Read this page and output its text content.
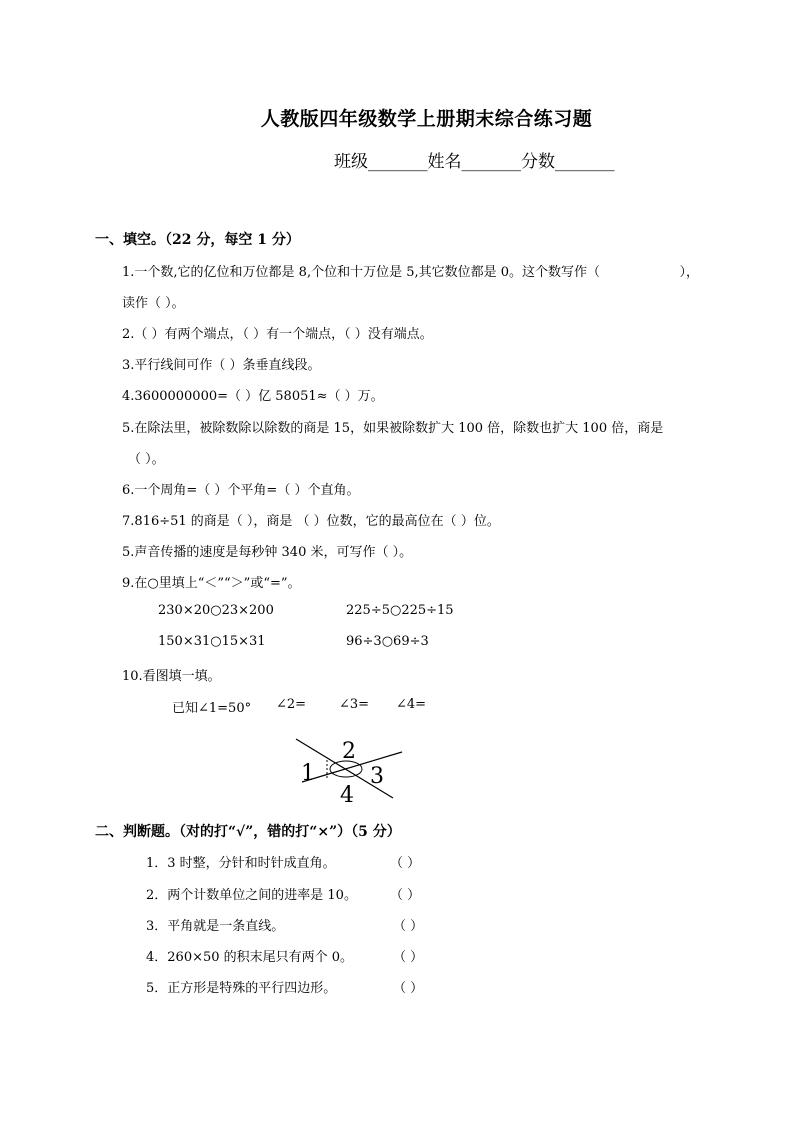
人教版四年级数学上册期末综合练习题
班级_______姓名_______分数_______
一、填空。（22 分，每空 1 分）
1.一个数,它的亿位和万位都是 8,个位和十万位是 5,其它数位都是 0。这个数写作（	），
读作（ ）。
2.（ ）有两个端点，（ ）有一个端点，（ ）没有端点。
3.平行线间可作（ ）条垂直线段。
4.3600000000=（ ）亿 58051≈（ ）万。
5.在除法里，被除数除以除数的商是 15，如果被除数扩大 100 倍，除数也扩大 100 倍，商是
（ ）。
6.一个周角=（ ）个平角=（ ）个直角。
7.816÷51 的商是（ ），商是 （ ）位数，它的最高位在（ ）位。
5.声音传播的速度是每秒钟 340 米，可写作（ ）。
9.在○里填上“＜”“＞”或“=”。
230×20○23×200	225÷5○225÷15
150×31○15×31	96÷3○69÷3
10.看图填一填。
已知∠1=50° ∠2=	∠3= ∠4=
1
2
3
4
二、判断题。（对的打“√”，错的打“×”）（5 分）
1．3 时整，分针和时针成直角。	（ ）
2．两个计数单位之间的进率是 10。	（ ）
3．平角就是一条直线。	（ ）
4．260×50 的积末尾只有两个 0。	（ ）
5．正方形是特殊的平行四边形。	（ ）
